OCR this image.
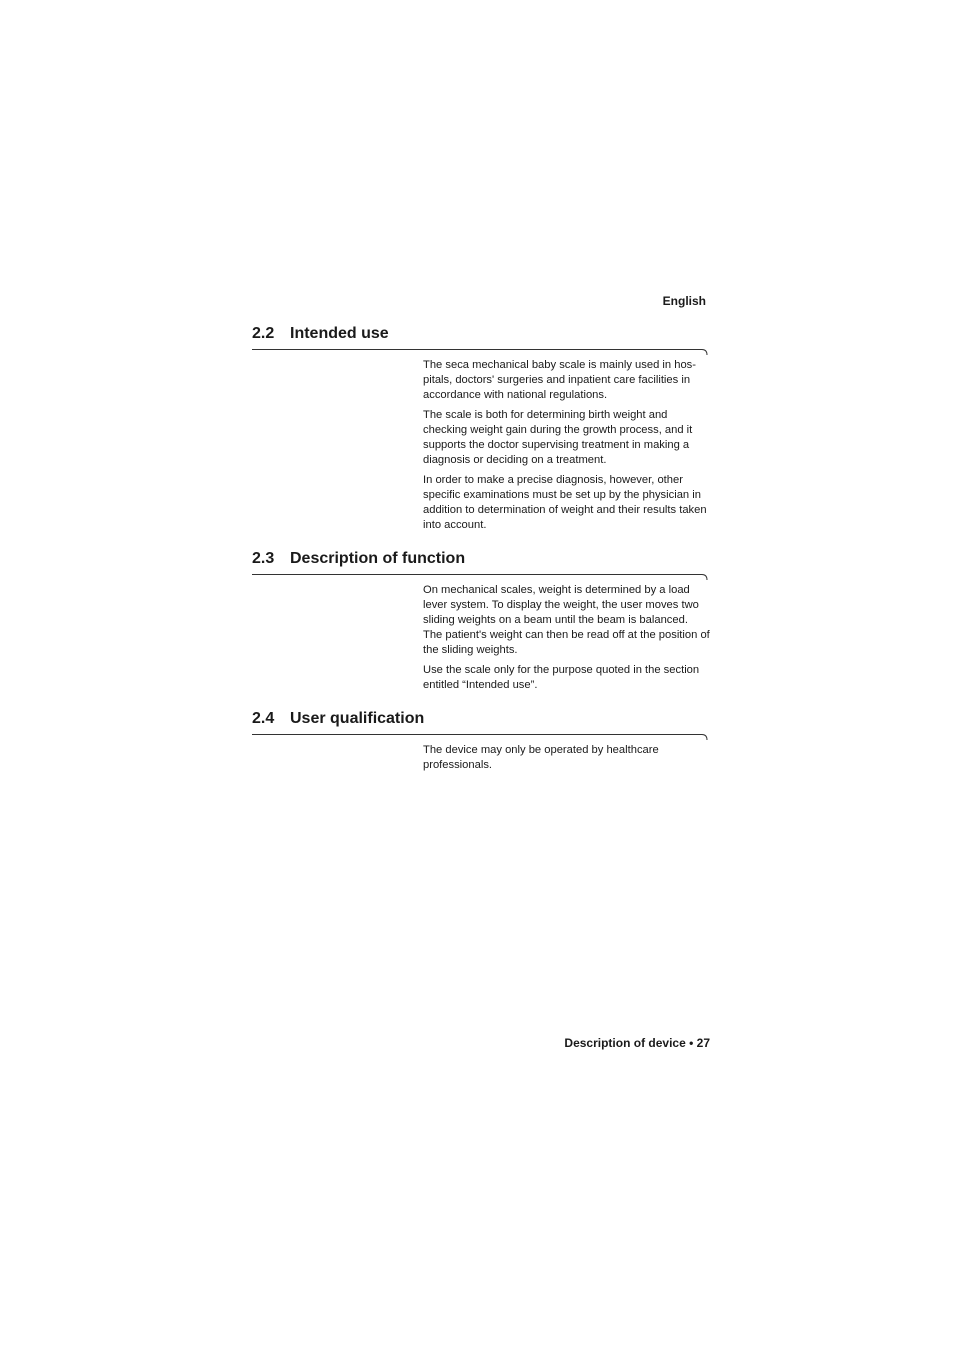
English
2.2 Intended use

The seca mechanical baby scale is mainly used in hos-pitals, doctors' surgeries and inpatient care facilities in accordance with national regulations.

The scale is both for determining birth weight and checking weight gain during the growth process, and it supports the doctor supervising treatment in making a diagnosis or deciding on a treatment.

In order to make a precise diagnosis, however, other specific examinations must be set up by the physician in addition to determination of weight and their results taken into account.

2.3 Description of function

On mechanical scales, weight is determined by a load lever system. To display the weight, the user moves two sliding weights on a beam until the beam is balanced. The patient's weight can then be read off at the position of the sliding weights.

Use the scale only for the purpose quoted in the section entitled “Intended use”.

2.4 User qualification

The device may only be operated by healthcare professionals.

Description of device • 27
